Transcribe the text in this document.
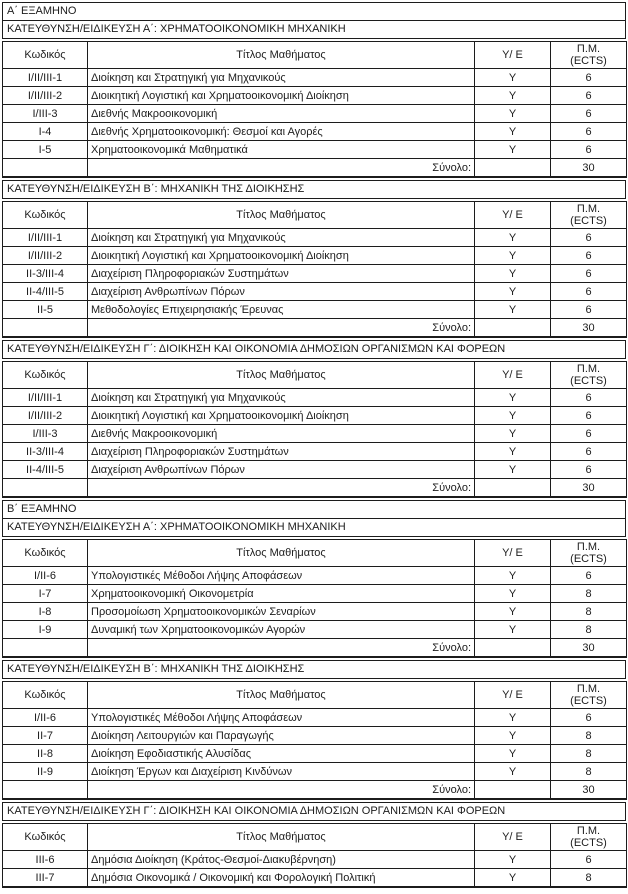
Α΄ ΕΞΑΜΗΝΟ
ΚΑΤΕΥΘΥΝΣΗ/ΕΙΔΙΚΕΥΣΗ Α΄: ΧΡΗΜΑΤΟΟΙΚΟΝΟΜΙΚΗ ΜΗΧΑΝΙΚΗ
Κωδικός	Τίτλος Μαθήματος	Υ/ Ε	Π.Μ.
(ECTS)

I/II/III-1	Διοίκηση και Στρατηγική για Μηχανικούς	Υ	6
I/II/III-2	Διοικητική Λογιστική και Χρηματοοικονομική Διοίκηση	Υ	6
I/III-3	Διεθνής Μακροοικονομική	Υ	6
I-4	Διεθνής Χρηματοοικονομική: Θεσμοί και Αγορές	Υ	6
I-5	Χρηματοοικονομικά Μαθηματικά	Υ	6
	Σύνολο:		30
ΚΑΤΕΥΘΥΝΣΗ/ΕΙΔΙΚΕΥΣΗ Β΄: ΜΗΧΑΝΙΚΗ ΤΗΣ ΔΙΟΙΚΗΣΗΣ
Κωδικός	Τίτλος Μαθήματος	Υ/ Ε	Π.Μ.
(ECTS)

I/II/III-1	Διοίκηση και Στρατηγική για Μηχανικούς	Υ	6
I/II/III-2	Διοικητική Λογιστική και Χρηματοοικονομική Διοίκηση	Υ	6
II-3/III-4	Διαχείριση Πληροφοριακών Συστημάτων	Υ	6
II-4/III-5	Διαχείριση Ανθρωπίνων Πόρων	Υ	6
II-5	Μεθοδολογίες Επιχειρησιακής Έρευνας	Υ	6
	Σύνολο:		30
ΚΑΤΕΥΘΥΝΣΗ/ΕΙΔΙΚΕΥΣΗ Γ΄: ΔΙΟΙΚΗΣΗ ΚΑΙ ΟΙΚΟΝΟΜΙΑ ΔΗΜΟΣΙΩΝ ΟΡΓΑΝΙΣΜΩΝ ΚΑΙ ΦΟΡΕΩΝ
Κωδικός	Τίτλος Μαθήματος	Υ/ Ε	Π.Μ.
(ECTS)

I/II/III-1	Διοίκηση και Στρατηγική για Μηχανικούς	Υ	6
I/II/III-2	Διοικητική Λογιστική και Χρηματοοικονομική Διοίκηση	Υ	6
I/III-3	Διεθνής Μακροοικονομική	Υ	6
II-3/III-4	Διαχείριση Πληροφοριακών Συστημάτων	Υ	6
II-4/III-5	Διαχείριση Ανθρωπίνων Πόρων	Υ	6
	Σύνολο:		30
Β΄ ΕΞΑΜΗΝΟ
ΚΑΤΕΥΘΥΝΣΗ/ΕΙΔΙΚΕΥΣΗ Α΄: ΧΡΗΜΑΤΟΟΙΚΟΝΟΜΙΚΗ ΜΗΧΑΝΙΚΗ
Κωδικός	Τίτλος Μαθήματος	Υ/ Ε	Π.Μ.
(ECTS)

I/II-6	Υπολογιστικές Μέθοδοι Λήψης Αποφάσεων	Υ	6
I-7	Χρηματοοικονομική Οικονομετρία	Υ	8
I-8	Προσομοίωση Χρηματοοικονομικών Σεναρίων	Υ	8
I-9	Δυναμική των Χρηματοοικονομικών Αγορών	Υ	8
	Σύνολο:		30
ΚΑΤΕΥΘΥΝΣΗ/ΕΙΔΙΚΕΥΣΗ Β΄: ΜΗΧΑΝΙΚΗ ΤΗΣ ΔΙΟΙΚΗΣΗΣ
Κωδικός	Τίτλος Μαθήματος	Υ/ Ε	Π.Μ.
(ECTS)

I/II-6	Υπολογιστικές Μέθοδοι Λήψης Αποφάσεων	Υ	6
II-7	Διοίκηση Λειτουργιών και Παραγωγής	Υ	8
II-8	Διοίκηση Εφοδιαστικής Αλυσίδας	Υ	8
II-9	Διοίκηση Έργων και Διαχείριση Κινδύνων	Υ	8
	Σύνολο:		30
ΚΑΤΕΥΘΥΝΣΗ/ΕΙΔΙΚΕΥΣΗ Γ΄: ΔΙΟΙΚΗΣΗ ΚΑΙ ΟΙΚΟΝΟΜΙΑ ΔΗΜΟΣΙΩΝ ΟΡΓΑΝΙΣΜΩΝ ΚΑΙ ΦΟΡΕΩΝ
Κωδικός	Τίτλος Μαθήματος	Υ/ Ε	Π.Μ.
(ECTS)

III-6	Δημόσια Διοίκηση (Κράτος-Θεσμοί-Διακυβέρνηση)	Υ	6
III-7	Δημόσια Οικονομικά / Οικονομική και Φορολογική Πολιτική	Υ	8
